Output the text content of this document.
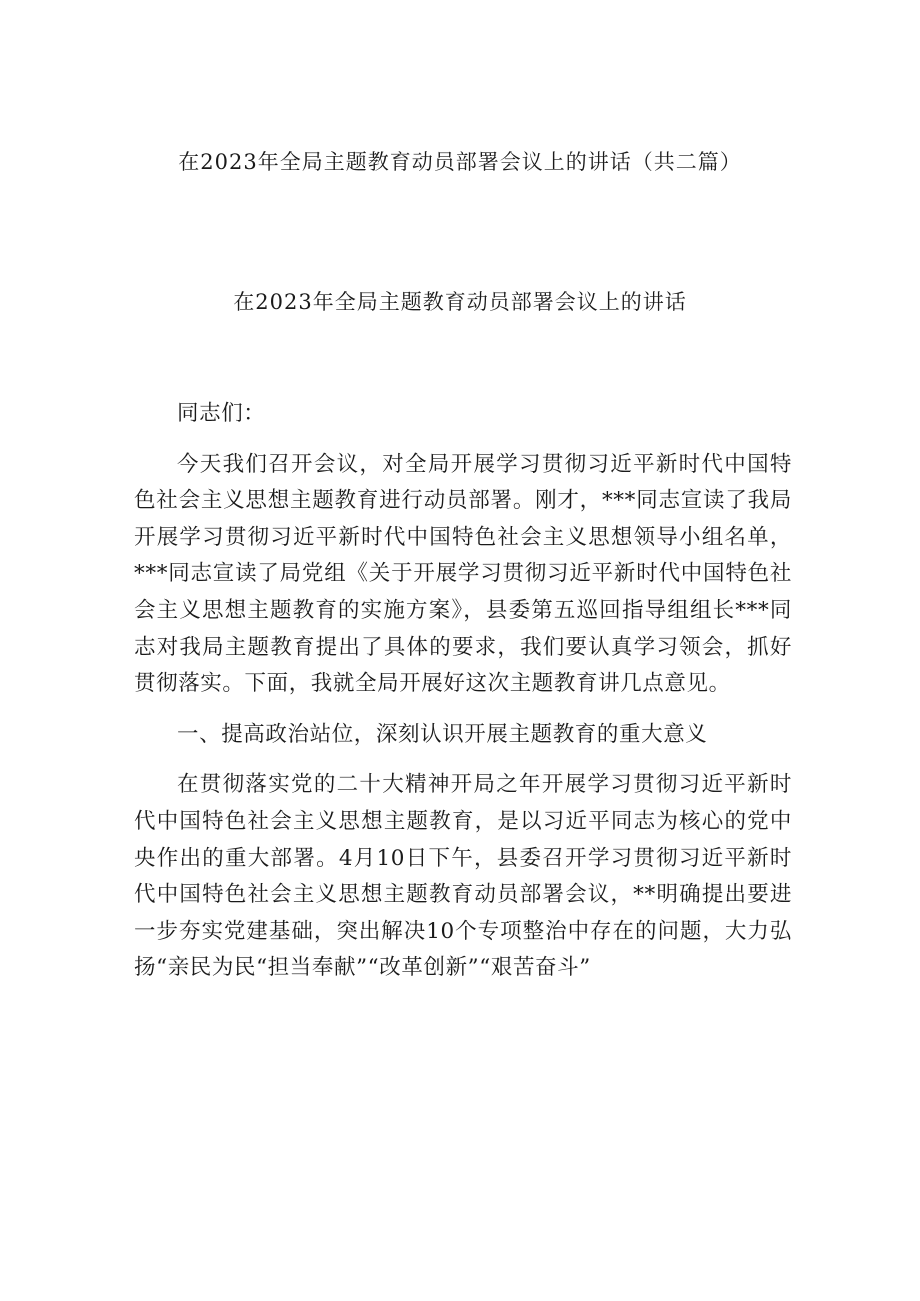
在2023年全局主题教育动员部署会议上的讲话（共二篇）
在2023年全局主题教育动员部署会议上的讲话

同志们：

今天我们召开会议，对全局开展学习贯彻习近平新时代中国特色社会主义思想主题教育进行动员部署。刚才，***同志宣读了我局开展学习贯彻习近平新时代中国特色社会主义思想领导小组名单，***同志宣读了局党组《关于开展学习贯彻习近平新时代中国特色社会主义思想主题教育的实施方案》，县委第五巡回指导组组长***同志对我局主题教育提出了具体的要求，我们要认真学习领会，抓好贯彻落实。下面，我就全局开展好这次主题教育讲几点意见。

一、提高政治站位，深刻认识开展主题教育的重大意义

在贯彻落实党的二十大精神开局之年开展学习贯彻习近平新时代中国特色社会主义思想主题教育，是以习近平同志为核心的党中央作出的重大部署。4月10日下午，县委召开学习贯彻习近平新时代中国特色社会主义思想主题教育动员部署会议，**明确提出要进一步夯实党建基础，突出解决10个专项整治中存在的问题，大力弘扬“亲民为民“担当奉献”“改革创新”“艰苦奋斗”
